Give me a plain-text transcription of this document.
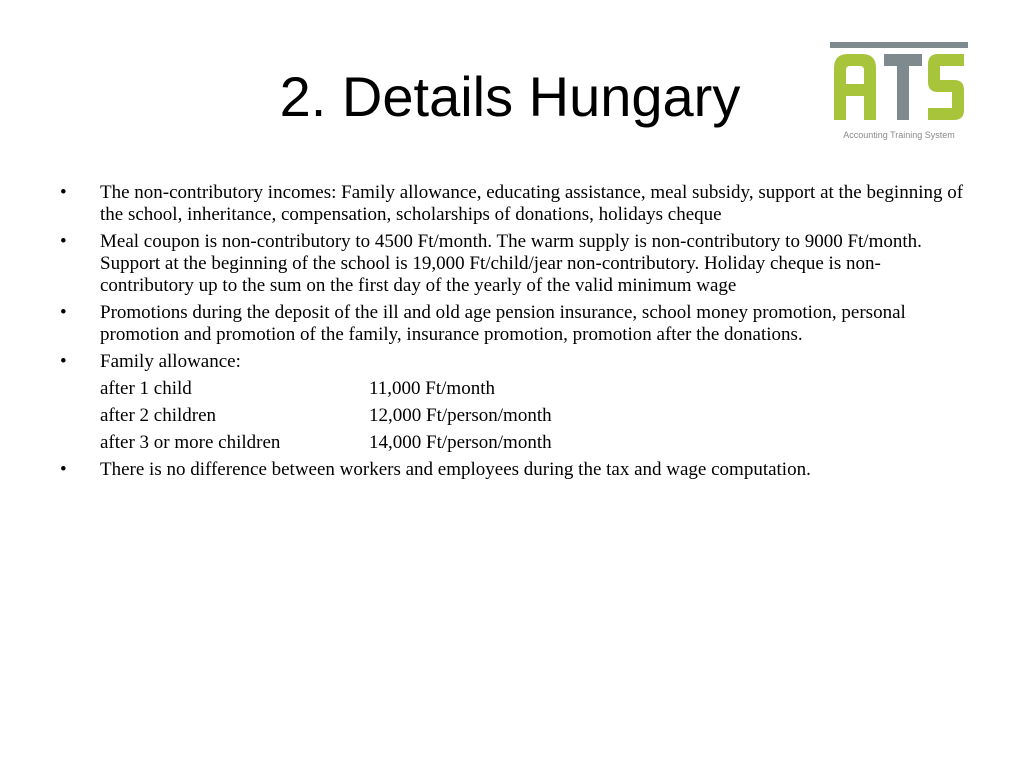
2. Details Hungary
Accounting Training System
•	The non-contributory incomes: Family allowance, educating assistance, meal subsidy, support at the beginning of the school, inheritance, compensation, scholarships of donations, holidays cheque
•	Meal coupon is non-contributory to 4500 Ft/month. The warm supply is non-contributory to 9000 Ft/month. Support at the beginning of the school is 19,000 Ft/child/jear non-contributory. Holiday cheque is non-contributory up to the sum on the first day of the yearly of the valid minimum wage
•	Promotions during the deposit of the ill and old age pension insurance, school money promotion, personal promotion and promotion of the family, insurance promotion, promotion after the donations.
•	Family allowance:
after 1 child	11,000 Ft/month
after 2 children	12,000 Ft/person/month
after 3 or more children	14,000 Ft/person/month
•	There is no difference between workers and employees during the tax and wage computation.
